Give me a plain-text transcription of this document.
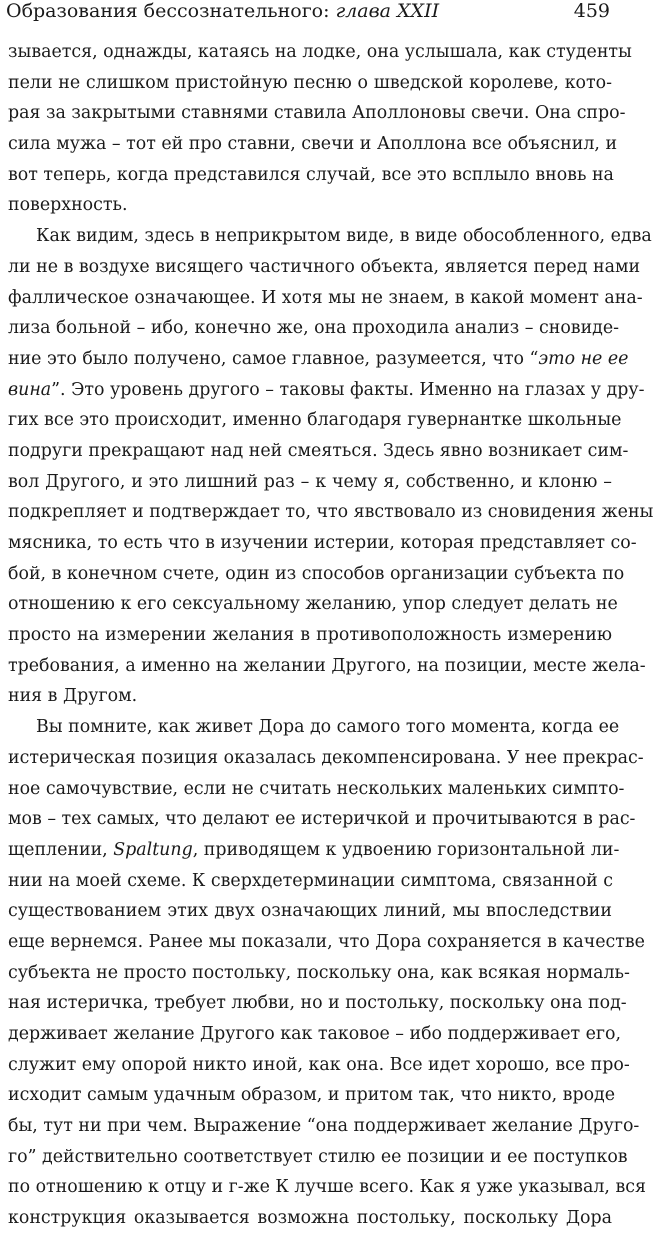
Образования бессознательного: глава XXII	459
зывается, однажды, катаясь на лодке, она услышала, как студенты
пели не слишком пристойную песню о шведской королеве, кото-
рая за закрытыми ставнями ставила Аполлоновы свечи. Она спро-
сила мужа – тот ей про ставни, свечи и Аполлона все объяснил, и
вот теперь, когда представился случай, все это всплыло вновь на
поверхность.
Как видим, здесь в неприкрытом виде, в виде обособленного, едва
ли не в воздухе висящего частичного объекта, является перед нами
фаллическое означающее. И хотя мы не знаем, в какой момент ана-
лиза больной – ибо, конечно же, она проходила анализ – сновиде-
ние это было получено, самое главное, разумеется, что “это не ее
вина”. Это уровень другого – таковы факты. Именно на глазах у дру-
гих все это происходит, именно благодаря гувернантке школьные
подруги прекращают над ней смеяться. Здесь явно возникает сим-
вол Другого, и это лишний раз – к чему я, собственно, и клоню –
подкрепляет и подтверждает то, что явствовало из сновидения жены
мясника, то есть что в изучении истерии, которая представляет со-
бой, в конечном счете, один из способов организации субъекта по
отношению к его сексуальному желанию, упор следует делать не
просто на измерении желания в противоположность измерению
требования, а именно на желании Другого, на позиции, месте жела-
ния в Другом.
Вы помните, как живет Дора до самого того момента, когда ее
истерическая позиция оказалась декомпенсирована. У нее прекрас-
ное самочувствие, если не считать нескольких маленьких симпто-
мов – тех самых, что делают ее истеричкой и прочитываются в рас-
щеплении, Spaltung, приводящем к удвоению горизонтальной ли-
нии на моей схеме. К сверхдетерминации симптома, связанной с
существованием этих двух означающих линий, мы впоследствии
еще вернемся. Ранее мы показали, что Дора сохраняется в качестве
субъекта не просто постольку, поскольку она, как всякая нормаль-
ная истеричка, требует любви, но и постольку, поскольку она под-
держивает желание Другого как таковое – ибо поддерживает его,
служит ему опорой никто иной, как она. Все идет хорошо, все про-
исходит самым удачным образом, и притом так, что никто, вроде
бы, тут ни при чем. Выражение “она поддерживает желание Друго-
го” действительно соответствует стилю ее позиции и ее поступков
по отношению к отцу и г-же К лучше всего. Как я уже указывал, вся
конструкция оказывается возможна постольку, поскольку Дора
